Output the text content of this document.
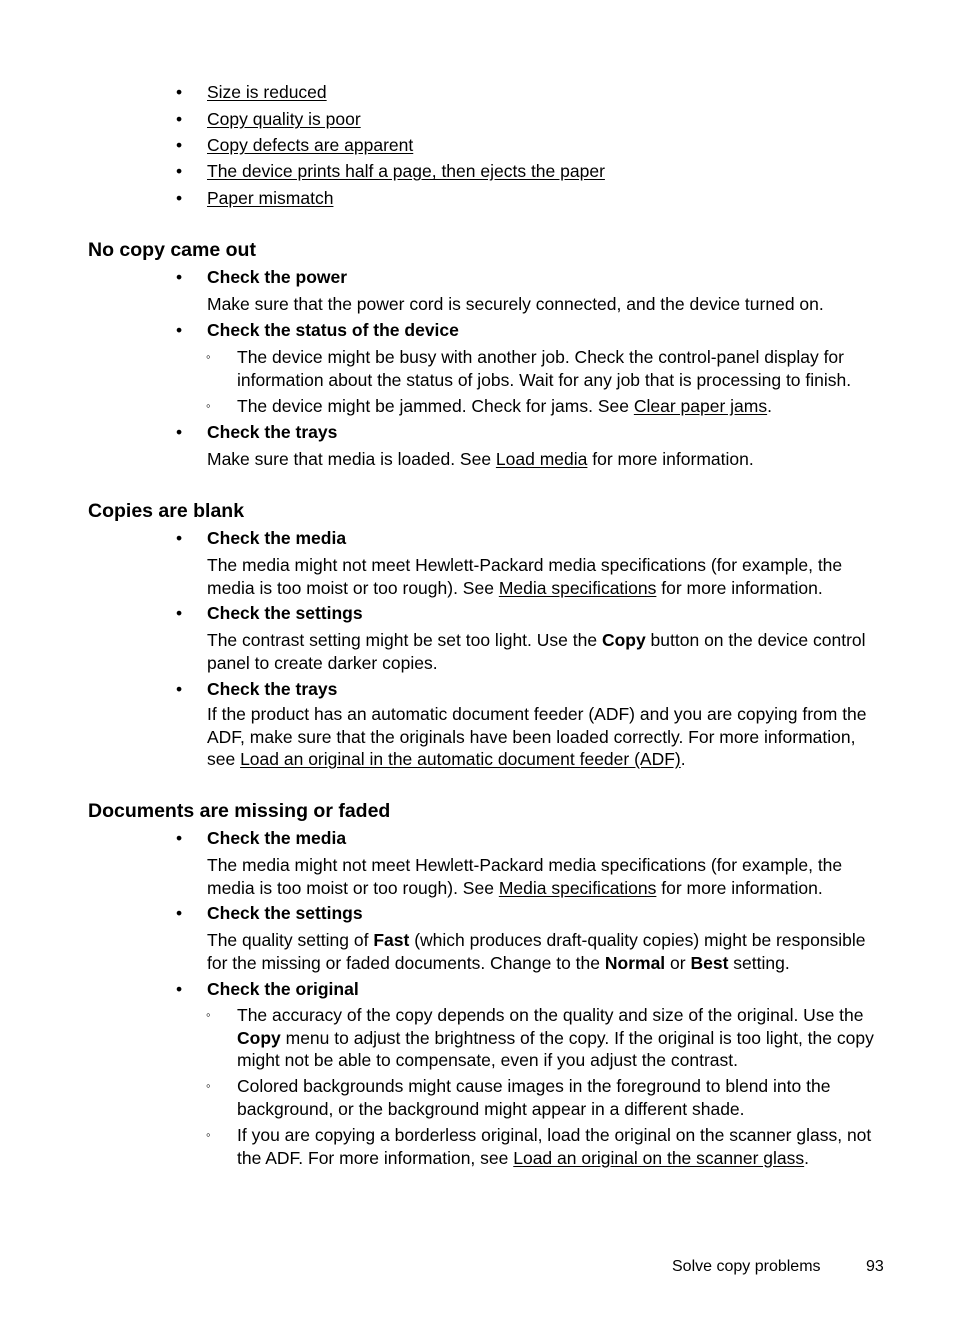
• Size is reduced
• Copy quality is poor
• Copy defects are apparent
• The device prints half a page, then ejects the paper
• Paper mismatch
No copy came out
• Check the power
Make sure that the power cord is securely connected, and the device turned on.
• Check the status of the device
◦ The device might be busy with another job. Check the control-panel display for information about the status of jobs. Wait for any job that is processing to finish.
◦ The device might be jammed. Check for jams. See Clear paper jams.
• Check the trays
Make sure that media is loaded. See Load media for more information.
Copies are blank
• Check the media
The media might not meet Hewlett-Packard media specifications (for example, the media is too moist or too rough). See Media specifications for more information.
• Check the settings
The contrast setting might be set too light. Use the Copy button on the device control panel to create darker copies.
• Check the trays
If the product has an automatic document feeder (ADF) and you are copying from the ADF, make sure that the originals have been loaded correctly. For more information, see Load an original in the automatic document feeder (ADF).
Documents are missing or faded
• Check the media
The media might not meet Hewlett-Packard media specifications (for example, the media is too moist or too rough). See Media specifications for more information.
• Check the settings
The quality setting of Fast (which produces draft-quality copies) might be responsible for the missing or faded documents. Change to the Normal or Best setting.
• Check the original
◦ The accuracy of the copy depends on the quality and size of the original. Use the Copy menu to adjust the brightness of the copy. If the original is too light, the copy might not be able to compensate, even if you adjust the contrast.
◦ Colored backgrounds might cause images in the foreground to blend into the background, or the background might appear in a different shade.
◦ If you are copying a borderless original, load the original on the scanner glass, not the ADF. For more information, see Load an original on the scanner glass.
Solve copy problems	93
